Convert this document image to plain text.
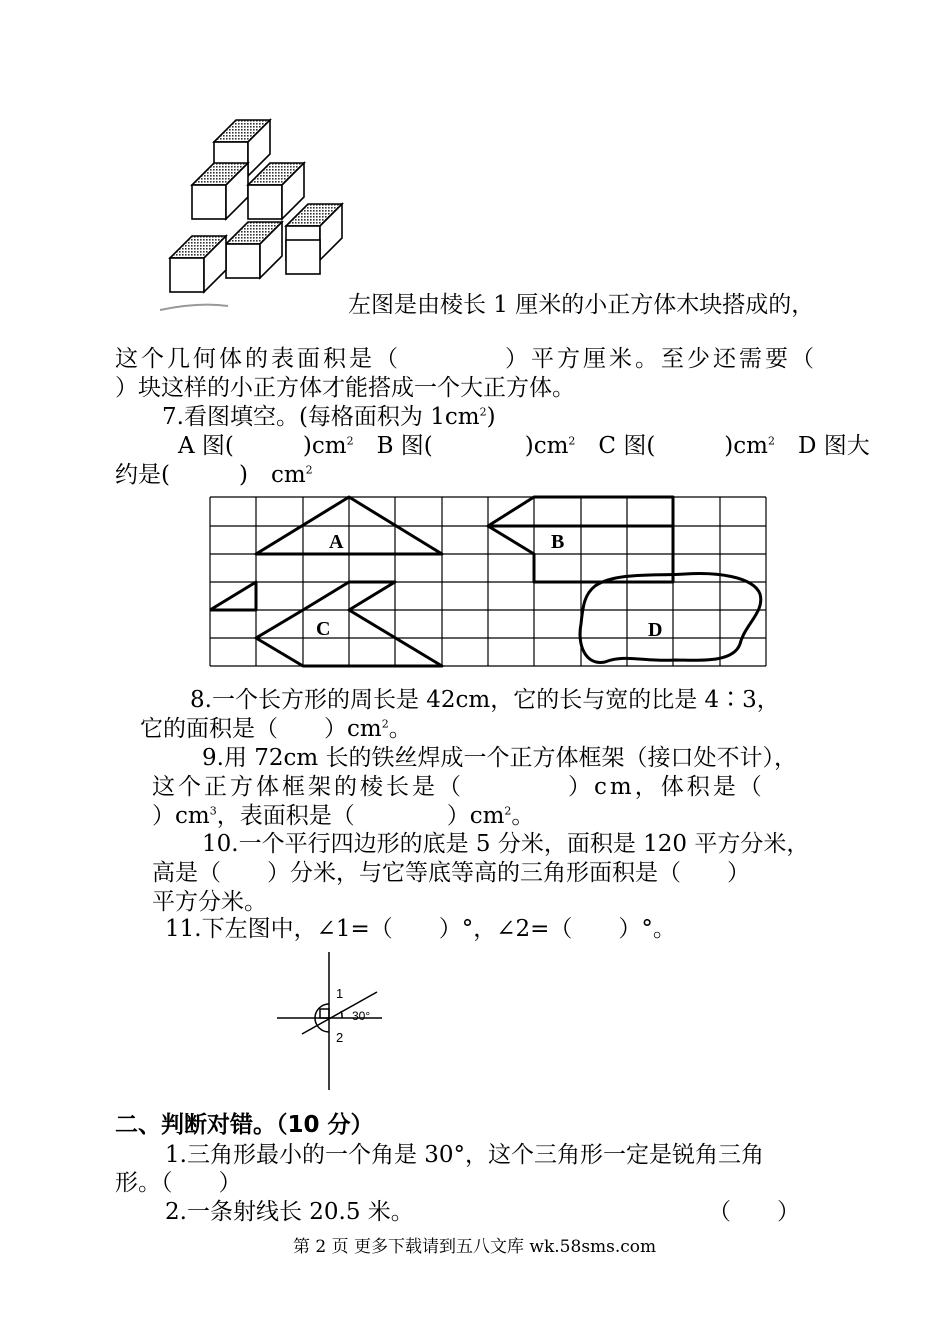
左图是由棱长 1 厘米的小正方体木块搭成的，
这个几何体的表面积是（　　　　）平方厘米。至少还需要（
）块这样的小正方体才能搭成一个大正方体。
7.看图填空。(每格面积为 $1cm^2$)
A 图(　　　)$cm^2$　B 图(　　　　)$cm^2$　C 图(　　　)$cm^2$　D 图大
约是(　　　)　$cm^2$
A	B
C	D
8.一个长方形的周长是 42cm，它的长与宽的比是 4∶3，
它的面积是（　　）$cm^2$。
9.用 72cm 长的铁丝焊成一个正方体框架（接口处不计），
这个正方体框架的棱长是（　　　　）cm，体积是（
）$cm^3$，表面积是（　　　　）$cm^2$。
10.一个平行四边形的底是 5 分米，面积是 120 平方分米，
高是（　　）分米，与它等底等高的三角形面积是（　　）
平方分米。
11.下左图中，∠1=（　　）°，∠2=（　　）°。
1
2
30°
二、判断对错。（10 分）
1.三角形最小的一个角是 30°，这个三角形一定是锐角三角
形。（　　）
2.一条射线长 20.5 米。	（　　）
第 2 页 更多下载请到五八文库 wk.58sms.com
